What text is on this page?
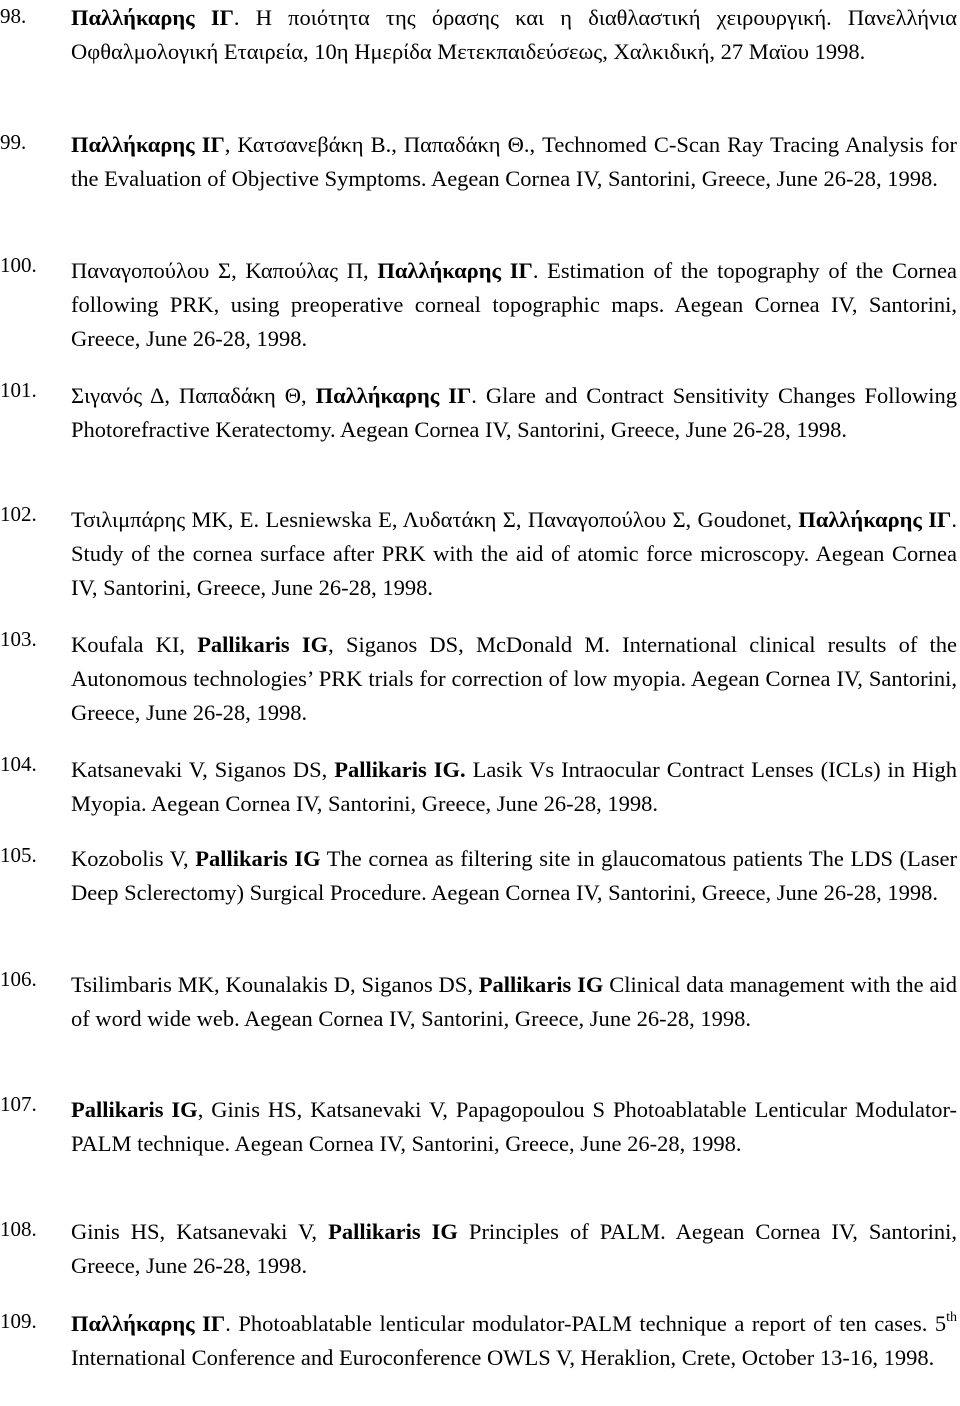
98.	Παλλήκαρης ΙΓ. Η ποιότητα της όρασης και η διαθλαστική χειρουργική. Πανελλήνια Οφθαλμολογική Εταιρεία, 10η Ημερίδα Μετεκπαιδεύσεως, Χαλκιδική, 27 Μαϊου 1998.
99.	Παλλήκαρης ΙΓ, Κατσανεβάκη Β., Παπαδάκη Θ., Technomed C-Scan Ray Tracing Analysis for the Evaluation of Objective Symptoms. Aegean Cornea IV, Santorini, Greece, June 26-28, 1998.
100.	Παναγοπούλου Σ, Καπούλας Π, Παλλήκαρης ΙΓ. Estimation of the topography of the Cornea following PRK, using preoperative corneal topographic maps. Aegean Cornea IV, Santorini, Greece, June 26-28, 1998.
101.	Σιγανός Δ, Παπαδάκη Θ, Παλλήκαρης ΙΓ. Glare and Contract Sensitivity Changes Following Photorefractive Keratectomy. Aegean Cornea IV, Santorini, Greece, June 26-28, 1998.
102.	Τσιλιμπάρης ΜΚ, Ε. Lesniewska Ε, Λυδατάκη Σ, Παναγοπούλου Σ, Goudonet, Παλλήκαρης ΙΓ. Study of the cornea surface after PRK with the aid of atomic force microscopy. Aegean Cornea IV, Santorini, Greece, June 26-28, 1998.
103.	Koufala KI, Pallikaris IG, Siganos DS, McDonald M. International clinical results of the Autonomous technologies’ PRK trials for correction of low myopia. Aegean Cornea IV, Santorini, Greece, June 26-28, 1998.
104.	Katsanevaki V, Siganos DS, Pallikaris IG. Lasik Vs Intraocular Contract Lenses (ICLs) in High Myopia. Aegean Cornea IV, Santorini, Greece, June 26-28, 1998.
105.	Kozobolis V, Pallikaris IG The cornea as filtering site in glaucomatous patients The LDS (Laser Deep Sclerectomy) Surgical Procedure. Aegean Cornea IV, Santorini, Greece, June 26-28, 1998.
106.	Tsilimbaris MK, Kounalakis D, Siganos DS, Pallikaris IG Clinical data management with the aid of word wide web. Aegean Cornea IV, Santorini, Greece, June 26-28, 1998.
107.	Pallikaris IG, Ginis HS, Katsanevaki V, Papagopoulou S Photoablatable Lenticular Modulator-PALM technique. Aegean Cornea IV, Santorini, Greece, June 26-28, 1998.
108.	Ginis HS, Katsanevaki V, Pallikaris IG Principles of PALM. Aegean Cornea IV, Santorini, Greece, June 26-28, 1998.
109.	Παλλήκαρης ΙΓ. Photoablatable lenticular modulator-PALM technique a report of ten cases. 5th International Conference and Euroconference OWLS V, Heraklion, Crete, October 13-16, 1998.
